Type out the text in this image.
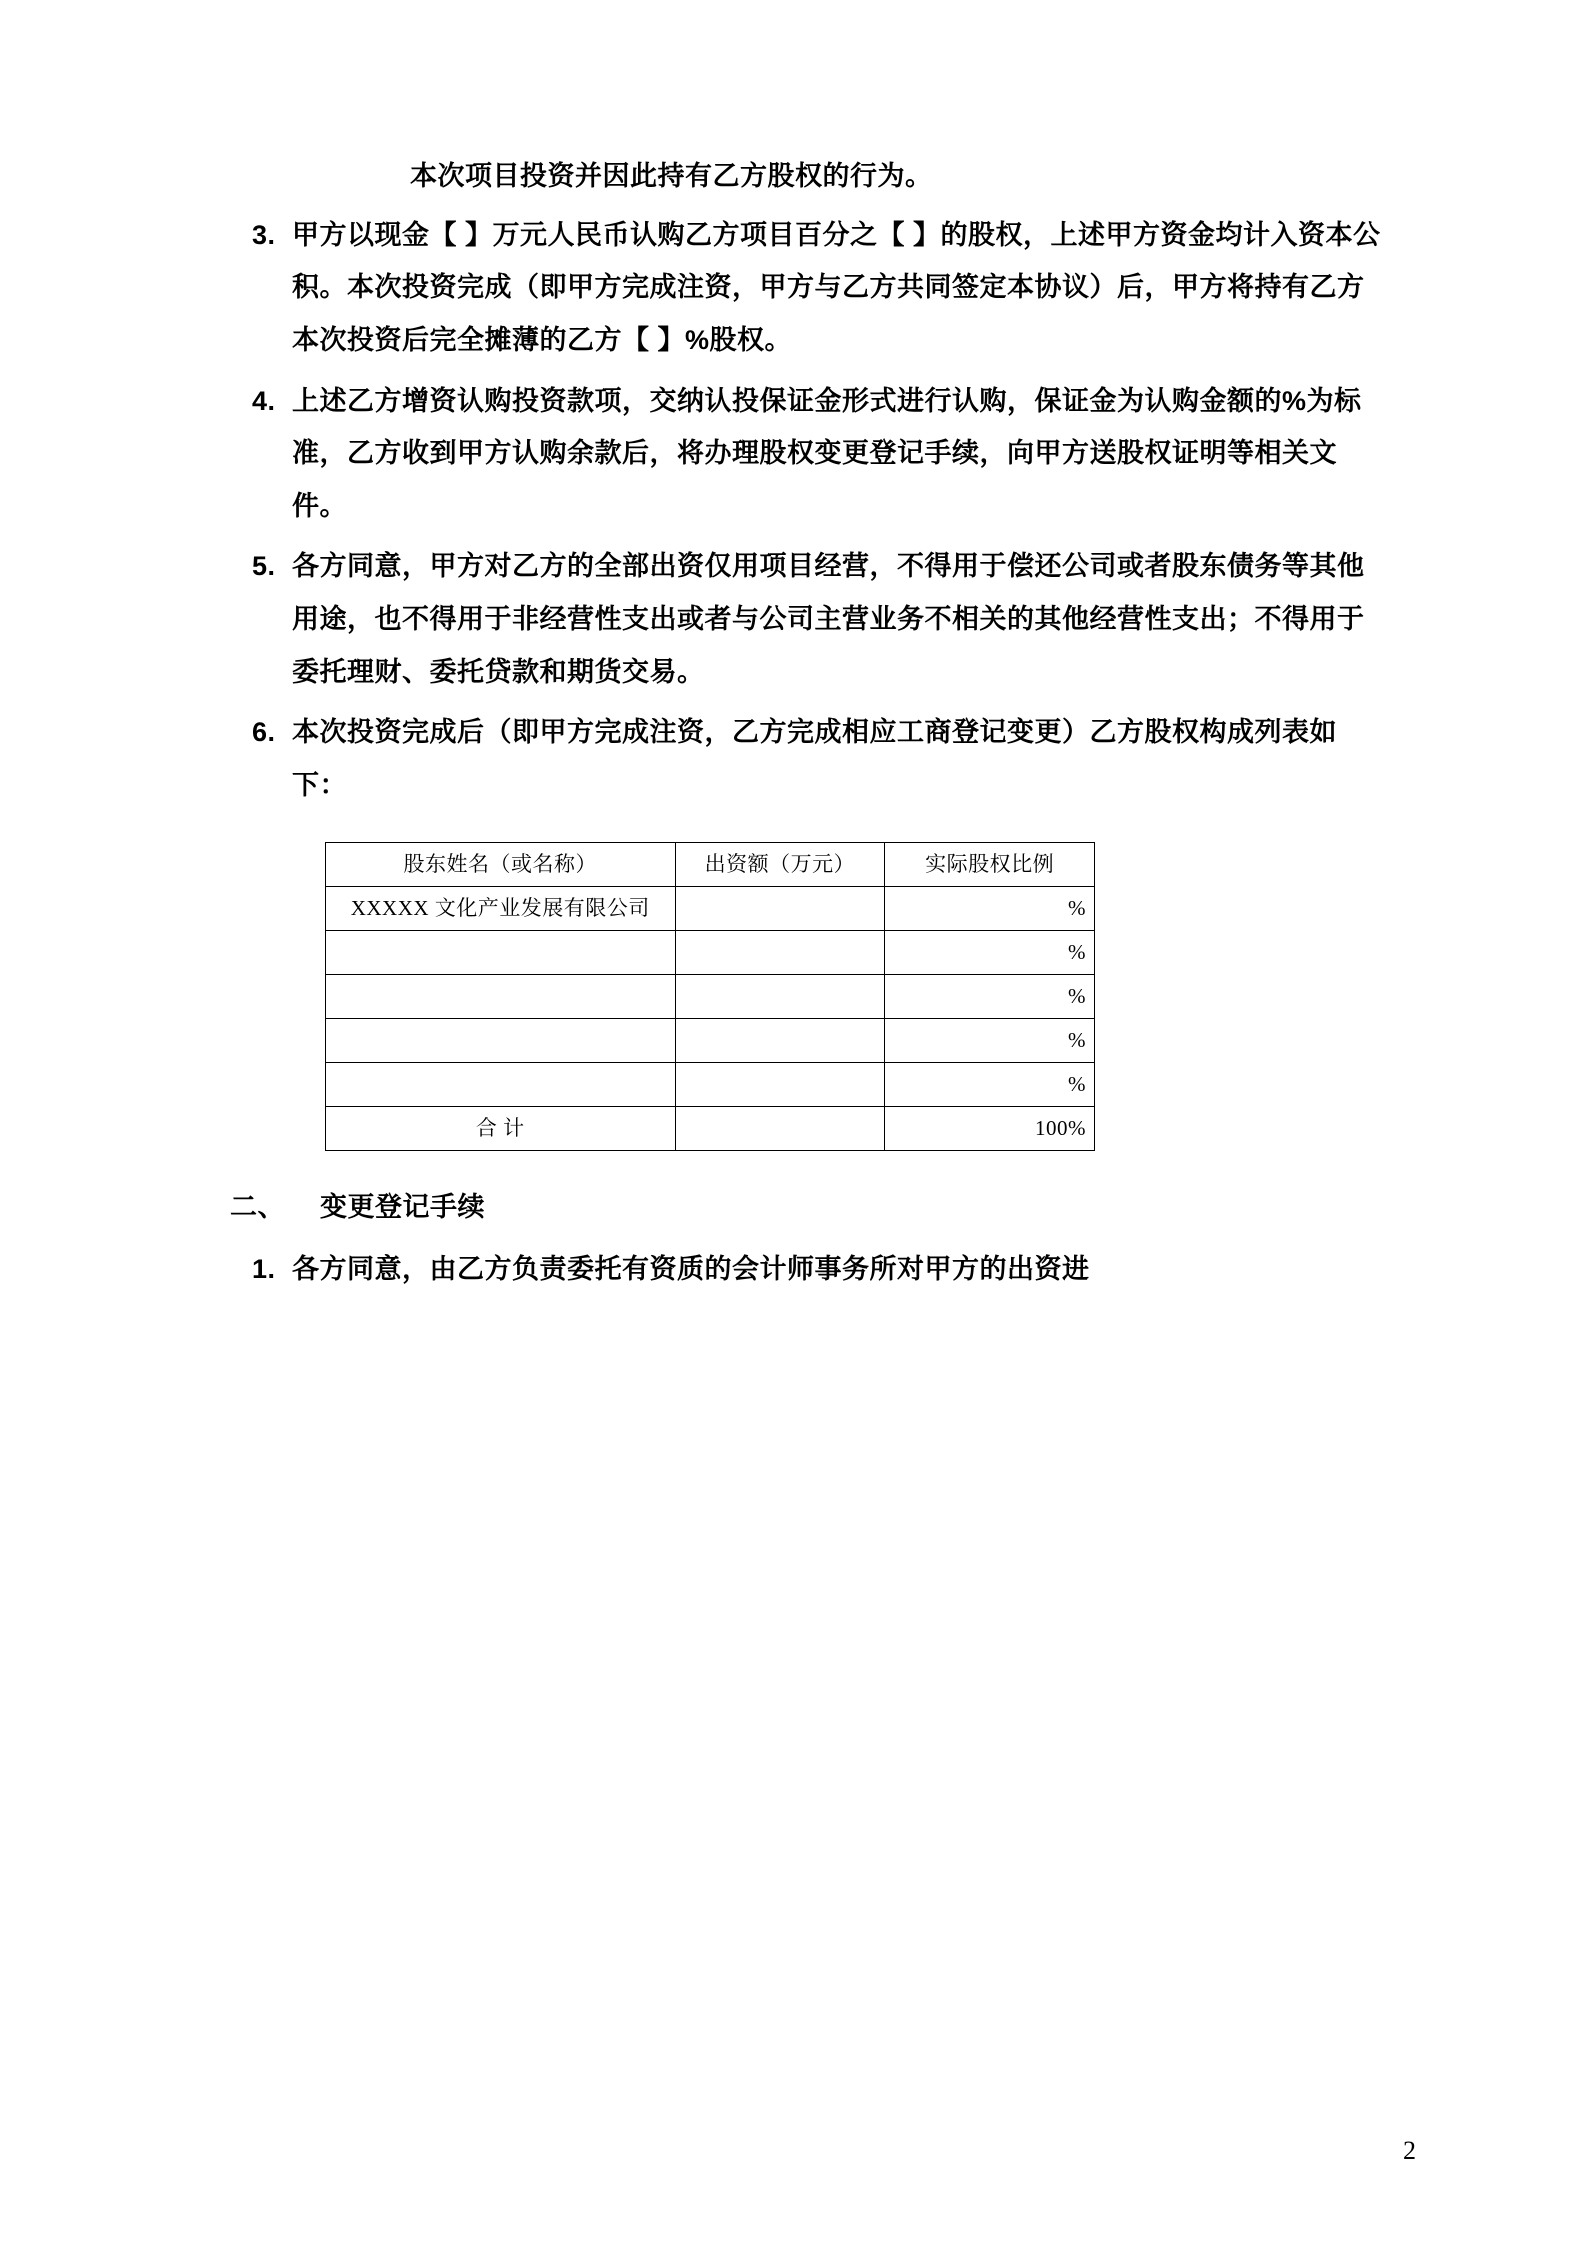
本次项目投资并因此持有乙方股权的行为。

3. 甲方以现金【 】万元人民币认购乙方项目百分之【 】的股权，上述甲方资金均计入资本公积。本次投资完成（即甲方完成注资，甲方与乙方共同签定本协议）后，甲方将持有乙方本次投资后完全摊薄的乙方【 】%股权。

4. 上述乙方增资认购投资款项，交纳认投保证金形式进行认购，保证金为认购金额的%为标准，乙方收到甲方认购余款后，将办理股权变更登记手续，向甲方送股权证明等相关文件。

5. 各方同意，甲方对乙方的全部出资仅用项目经营，不得用于偿还公司或者股东债务等其他用途，也不得用于非经营性支出或者与公司主营业务不相关的其他经营性支出；不得用于委托理财、委托贷款和期货交易。

6. 本次投资完成后（即甲方完成注资，乙方完成相应工商登记变更）乙方股权构成列表如下：

股东姓名（或名称）	出资额（万元）	实际股权比例
XXXXX 文化产业发展有限公司		%
		%
		%
		%
		%
合 计		100%
二、	变更登记手续
1. 各方同意，由乙方负责委托有资质的会计师事务所对甲方的出资进

2
